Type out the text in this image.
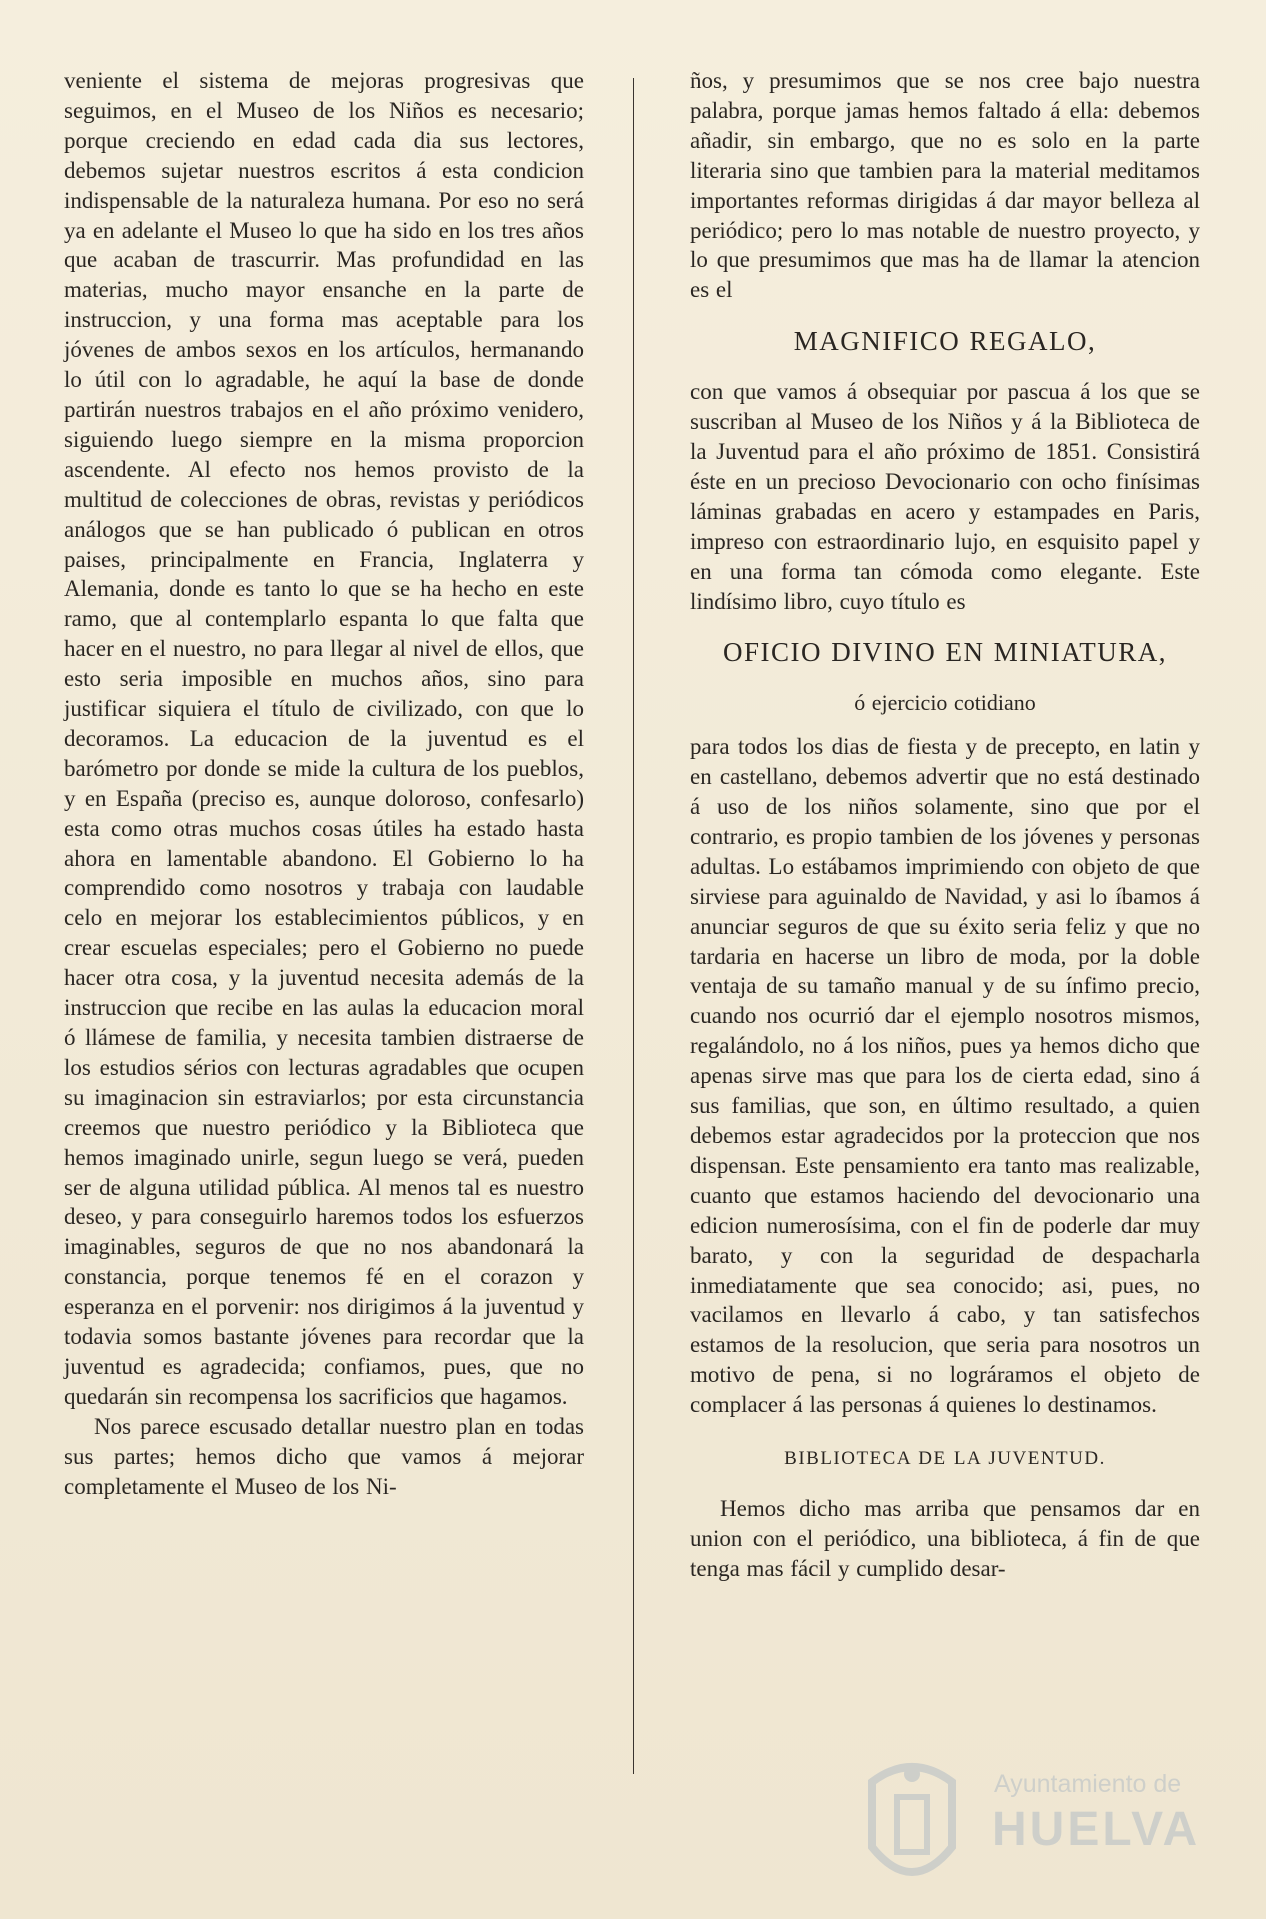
veniente el sistema de mejoras progresivas que seguimos, en el Museo de los Niños es necesario; porque creciendo en edad cada dia sus lectores, debemos sujetar nuestros escritos á esta condicion indispensable de la naturaleza humana. Por eso no será ya en adelante el Museo lo que ha sido en los tres años que acaban de trascurrir. Mas profundidad en las materias, mucho mayor ensanche en la parte de instruccion, y una forma mas aceptable para los jóvenes de ambos sexos en los artículos, hermanando lo útil con lo agradable, he aquí la base de donde partirán nuestros trabajos en el año próximo venidero, siguiendo luego siempre en la misma proporcion ascendente. Al efecto nos hemos provisto de la multitud de colecciones de obras, revistas y periódicos análogos que se han publicado ó publican en otros paises, principalmente en Francia, Inglaterra y Alemania, donde es tanto lo que se ha hecho en este ramo, que al contemplarlo espanta lo que falta que hacer en el nuestro, no para llegar al nivel de ellos, que esto seria imposible en muchos años, sino para justificar siquiera el título de civilizado, con que lo decoramos. La educacion de la juventud es el barómetro por donde se mide la cultura de los pueblos, y en España (preciso es, aunque doloroso, confesarlo) esta como otras muchos cosas útiles ha estado hasta ahora en lamentable abandono. El Gobierno lo ha comprendido como nosotros y trabaja con laudable celo en mejorar los establecimientos públicos, y en crear escuelas especiales; pero el Gobierno no puede hacer otra cosa, y la juventud necesita además de la instruccion que recibe en las aulas la educacion moral ó llámese de familia, y necesita tambien distraerse de los estudios sérios con lecturas agradables que ocupen su imaginacion sin estraviarlos; por esta circunstancia creemos que nuestro periódico y la Biblioteca que hemos imaginado unirle, segun luego se verá, pueden ser de alguna utilidad pública. Al menos tal es nuestro deseo, y para conseguirlo haremos todos los esfuerzos imaginables, seguros de que no nos abandonará la constancia, porque tenemos fé en el corazon y esperanza en el porvenir: nos dirigimos á la juventud y todavia somos bastante jóvenes para recordar que la juventud es agradecida; confiamos, pues, que no quedarán sin recompensa los sacrificios que hagamos.

Nos parece escusado detallar nuestro plan en todas sus partes; hemos dicho que vamos á mejorar completamente el Museo de los Ni-

ños, y presumimos que se nos cree bajo nuestra palabra, porque jamas hemos faltado á ella: debemos añadir, sin embargo, que no es solo en la parte literaria sino que tambien para la material meditamos importantes reformas dirigidas á dar mayor belleza al periódico; pero lo mas notable de nuestro proyecto, y lo que presumimos que mas ha de llamar la atencion es el

MAGNIFICO REGALO,

con que vamos á obsequiar por pascua á los que se suscriban al Museo de los Niños y á la Biblioteca de la Juventud para el año próximo de 1851. Consistirá éste en un precioso Devocionario con ocho finísimas láminas grabadas en acero y estampades en Paris, impreso con estraordinario lujo, en esquisito papel y en una forma tan cómoda como elegante. Este lindísimo libro, cuyo título es

OFICIO DIVINO EN MINIATURA,

ó ejercicio cotidiano

para todos los dias de fiesta y de precepto, en latin y en castellano, debemos advertir que no está destinado á uso de los niños solamente, sino que por el contrario, es propio tambien de los jóvenes y personas adultas. Lo estábamos imprimiendo con objeto de que sirviese para aguinaldo de Navidad, y asi lo íbamos á anunciar seguros de que su éxito seria feliz y que no tardaria en hacerse un libro de moda, por la doble ventaja de su tamaño manual y de su ínfimo precio, cuando nos ocurrió dar el ejemplo nosotros mismos, regalándolo, no á los niños, pues ya hemos dicho que apenas sirve mas que para los de cierta edad, sino á sus familias, que son, en último resultado, a quien debemos estar agradecidos por la proteccion que nos dispensan. Este pensamiento era tanto mas realizable, cuanto que estamos haciendo del devocionario una edicion numerosísima, con el fin de poderle dar muy barato, y con la seguridad de despacharla inmediatamente que sea conocido; asi, pues, no vacilamos en llevarlo á cabo, y tan satisfechos estamos de la resolucion, que seria para nosotros un motivo de pena, si no lográramos el objeto de complacer á las personas á quienes lo destinamos.

BIBLIOTECA DE LA JUVENTUD.

Hemos dicho mas arriba que pensamos dar en union con el periódico, una biblioteca, á fin de que tenga mas fácil y cumplido desar-

Ayuntamiento de
HUELVA
